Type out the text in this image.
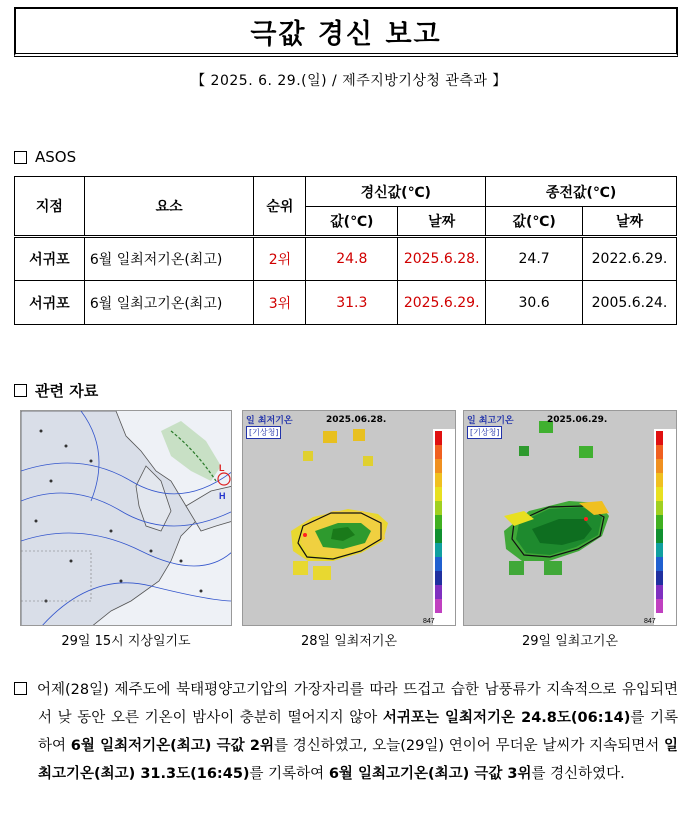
극값 경신 보고
【 2025. 6. 29.(일) / 제주지방기상청 관측과 】
ASOS
지점	요소	순위	경신값(℃)		종전값(℃)	
			값(℃)	날짜	값(℃)	날짜
서귀포	6월 일최저기온(최고)	2위	24.8	2025.6.28.	24.7	2022.6.29.
서귀포	6월 일최고기온(최고)	3위	31.3	2025.6.29.	30.6	2005.6.24.
관련 자료
L
H
847
일 최저기온
[기상청]
2025.06.28.
847
일 최고기온
[기상청]
2025.06.29.
29일 15시 지상일기도	28일 일최저기온	29일 일최고기온
어제(28일) 제주도에 북태평양고기압의 가장자리를 따라 뜨겁고 습한 남풍류가 지속적으로 유입되면서 낮 동안 오른 기온이 밤사이 충분히 떨어지지 않아 서귀포는 일최저기온 24.8도(06:14)를 기록하여 6월 일최저기온(최고) 극값 2위를 경신하였고, 오늘(29일) 연이어 무더운 날씨가 지속되면서 일최고기온(최고) 31.3도(16:45)를 기록하여 6월 일최고기온(최고) 극값 3위를 경신하였다.
